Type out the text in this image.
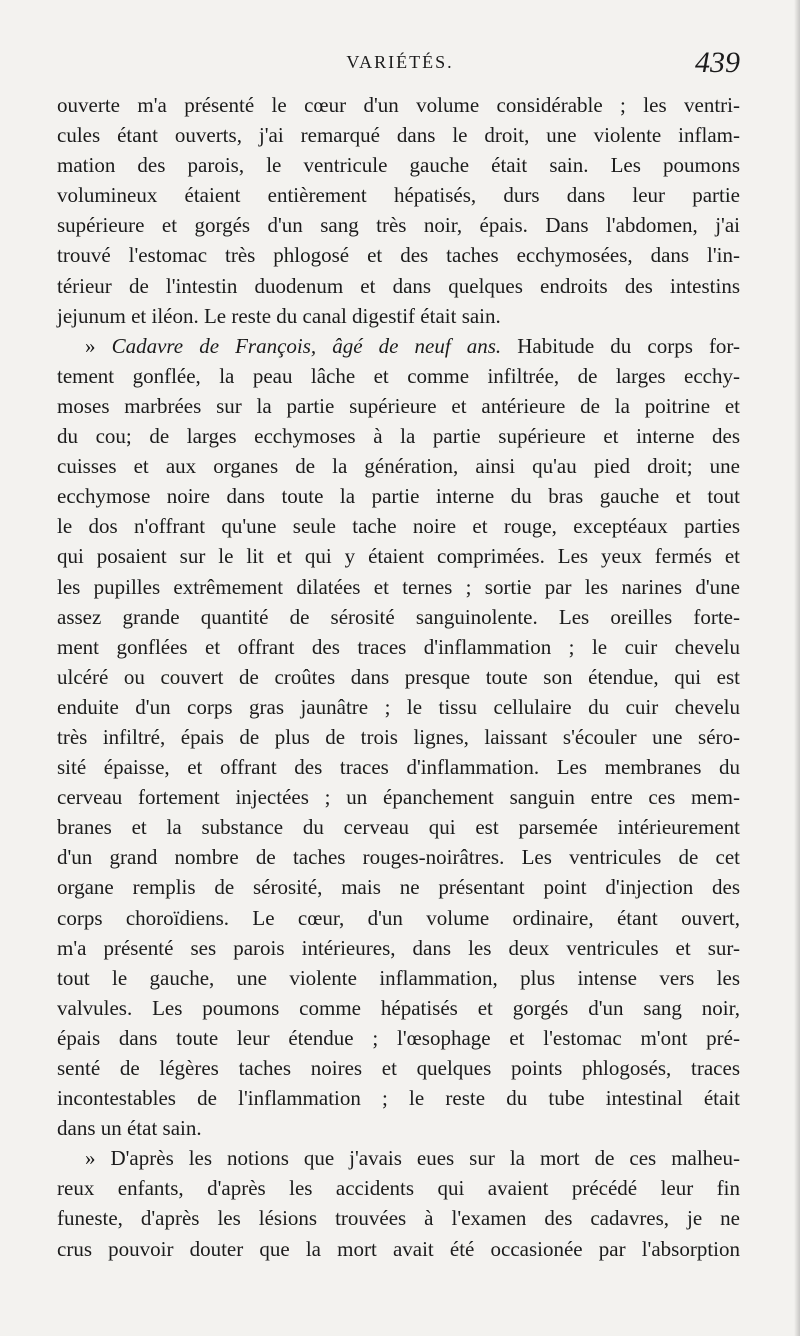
VARIÉTÉS.	439
ouverte m'a présenté le cœur d'un volume considérable ; les ventri-
cules étant ouverts, j'ai remarqué dans le droit, une violente inflam-
mation des parois, le ventricule gauche était sain. Les poumons
volumineux étaient entièrement hépatisés, durs dans leur partie
supérieure et gorgés d'un sang très noir, épais. Dans l'abdomen, j'ai
trouvé l'estomac très phlogosé et des taches ecchymosées, dans l'in-
térieur de l'intestin duodenum et dans quelques endroits des intestins
jejunum et iléon. Le reste du canal digestif était sain.
» Cadavre de François, âgé de neuf ans. Habitude du corps for-
tement gonflée, la peau lâche et comme infiltrée, de larges ecchy-
moses marbrées sur la partie supérieure et antérieure de la poitrine et
du cou; de larges ecchymoses à la partie supérieure et interne des
cuisses et aux organes de la génération, ainsi qu'au pied droit; une
ecchymose noire dans toute la partie interne du bras gauche et tout
le dos n'offrant qu'une seule tache noire et rouge, exceptéaux parties
qui posaient sur le lit et qui y étaient comprimées. Les yeux fermés et
les pupilles extrêmement dilatées et ternes ; sortie par les narines d'une
assez grande quantité de sérosité sanguinolente. Les oreilles forte-
ment gonflées et offrant des traces d'inflammation ; le cuir chevelu
ulcéré ou couvert de croûtes dans presque toute son étendue, qui est
enduite d'un corps gras jaunâtre ; le tissu cellulaire du cuir chevelu
très infiltré, épais de plus de trois lignes, laissant s'écouler une séro-
sité épaisse, et offrant des traces d'inflammation. Les membranes du
cerveau fortement injectées ; un épanchement sanguin entre ces mem-
branes et la substance du cerveau qui est parsemée intérieurement
d'un grand nombre de taches rouges-noirâtres. Les ventricules de cet
organe remplis de sérosité, mais ne présentant point d'injection des
corps choroïdiens. Le cœur, d'un volume ordinaire, étant ouvert,
m'a présenté ses parois intérieures, dans les deux ventricules et sur-
tout le gauche, une violente inflammation, plus intense vers les
valvules. Les poumons comme hépatisés et gorgés d'un sang noir,
épais dans toute leur étendue ; l'œsophage et l'estomac m'ont pré-
senté de légères taches noires et quelques points phlogosés, traces
incontestables de l'inflammation ; le reste du tube intestinal était
dans un état sain.
» D'après les notions que j'avais eues sur la mort de ces malheu-
reux enfants, d'après les accidents qui avaient précédé leur fin
funeste, d'après les lésions trouvées à l'examen des cadavres, je ne
crus pouvoir douter que la mort avait été occasionée par l'absorption
